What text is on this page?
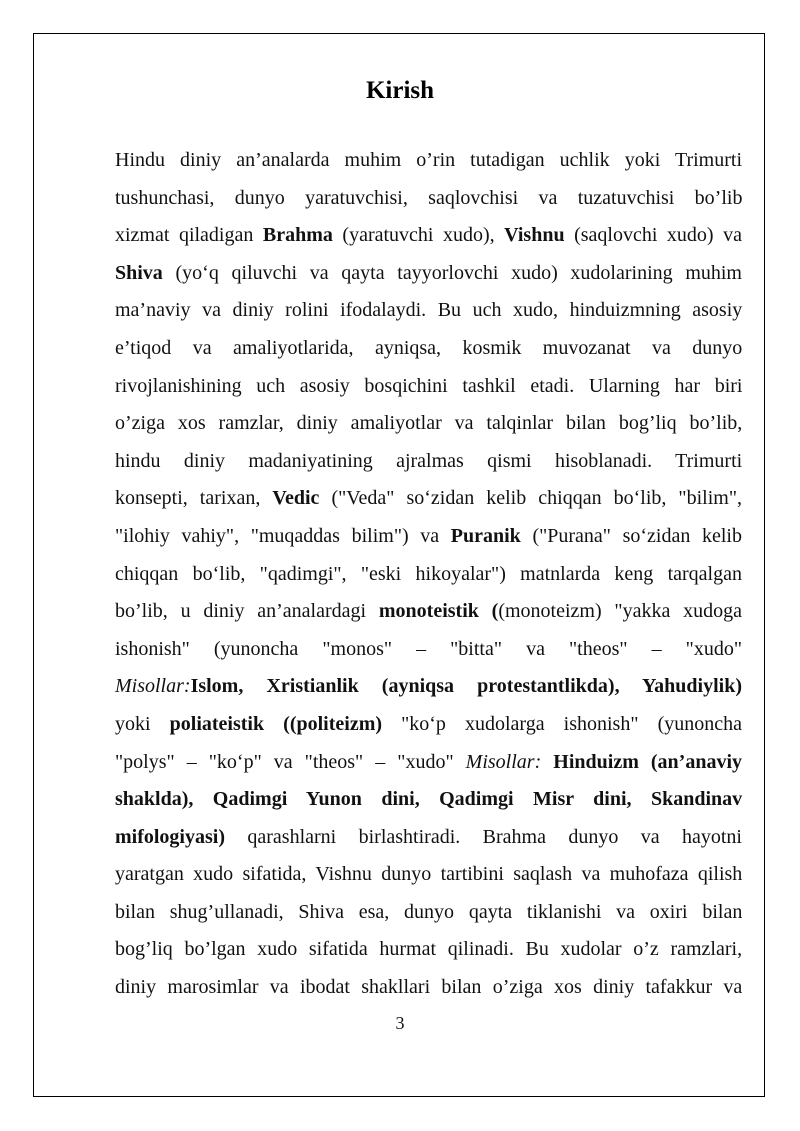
Kirish
Hindu diniy an’analarda muhim o’rin tutadigan uchlik yoki Trimurti
tushunchasi, dunyo yaratuvchisi, saqlovchisi va tuzatuvchisi bo’lib
xizmat qiladigan Brahma (yaratuvchi xudo), Vishnu (saqlovchi xudo) va
Shiva (yo‘q qiluvchi va qayta tayyorlovchi xudo) xudolarining muhim
ma’naviy va diniy rolini ifodalaydi. Bu uch xudo, hinduizmning asosiy
e’tiqod va amaliyotlarida, ayniqsa, kosmik muvozanat va dunyo
rivojlanishining uch asosiy bosqichini tashkil etadi. Ularning har biri
o’ziga xos ramzlar, diniy amaliyotlar va talqinlar bilan bog’liq bo’lib,
hindu diniy madaniyatining ajralmas qismi hisoblanadi. Trimurti
konsepti, tarixan, Vedic ("Veda" so‘zidan kelib chiqqan bo‘lib, "bilim",
"ilohiy vahiy", "muqaddas bilim") va Puranik ("Purana" so‘zidan kelib
chiqqan bo‘lib, "qadimgi", "eski hikoyalar") matnlarda keng tarqalgan
bo’lib, u diniy an’analardagi monoteistik ((monoteizm) "yakka xudoga
ishonish" (yunoncha "monos" – "bitta" va "theos" – "xudo"
Misollar:Islom, Xristianlik (ayniqsa protestantlikda), Yahudiylik)
yoki poliateistik ((politeizm) "ko‘p xudolarga ishonish" (yunoncha
"polys" – "ko‘p" va "theos" – "xudo" Misollar: Hinduizm (an’anaviy
shaklda), Qadimgi Yunon dini, Qadimgi Misr dini, Skandinav
mifologiyasi) qarashlarni birlashtiradi. Brahma dunyo va hayotni
yaratgan xudo sifatida, Vishnu dunyo tartibini saqlash va muhofaza qilish
bilan shug’ullanadi, Shiva esa, dunyo qayta tiklanishi va oxiri bilan
bog’liq bo’lgan xudo sifatida hurmat qilinadi. Bu xudolar o’z ramzlari,
diniy marosimlar va ibodat shakllari bilan o’ziga xos diniy tafakkur va
3
